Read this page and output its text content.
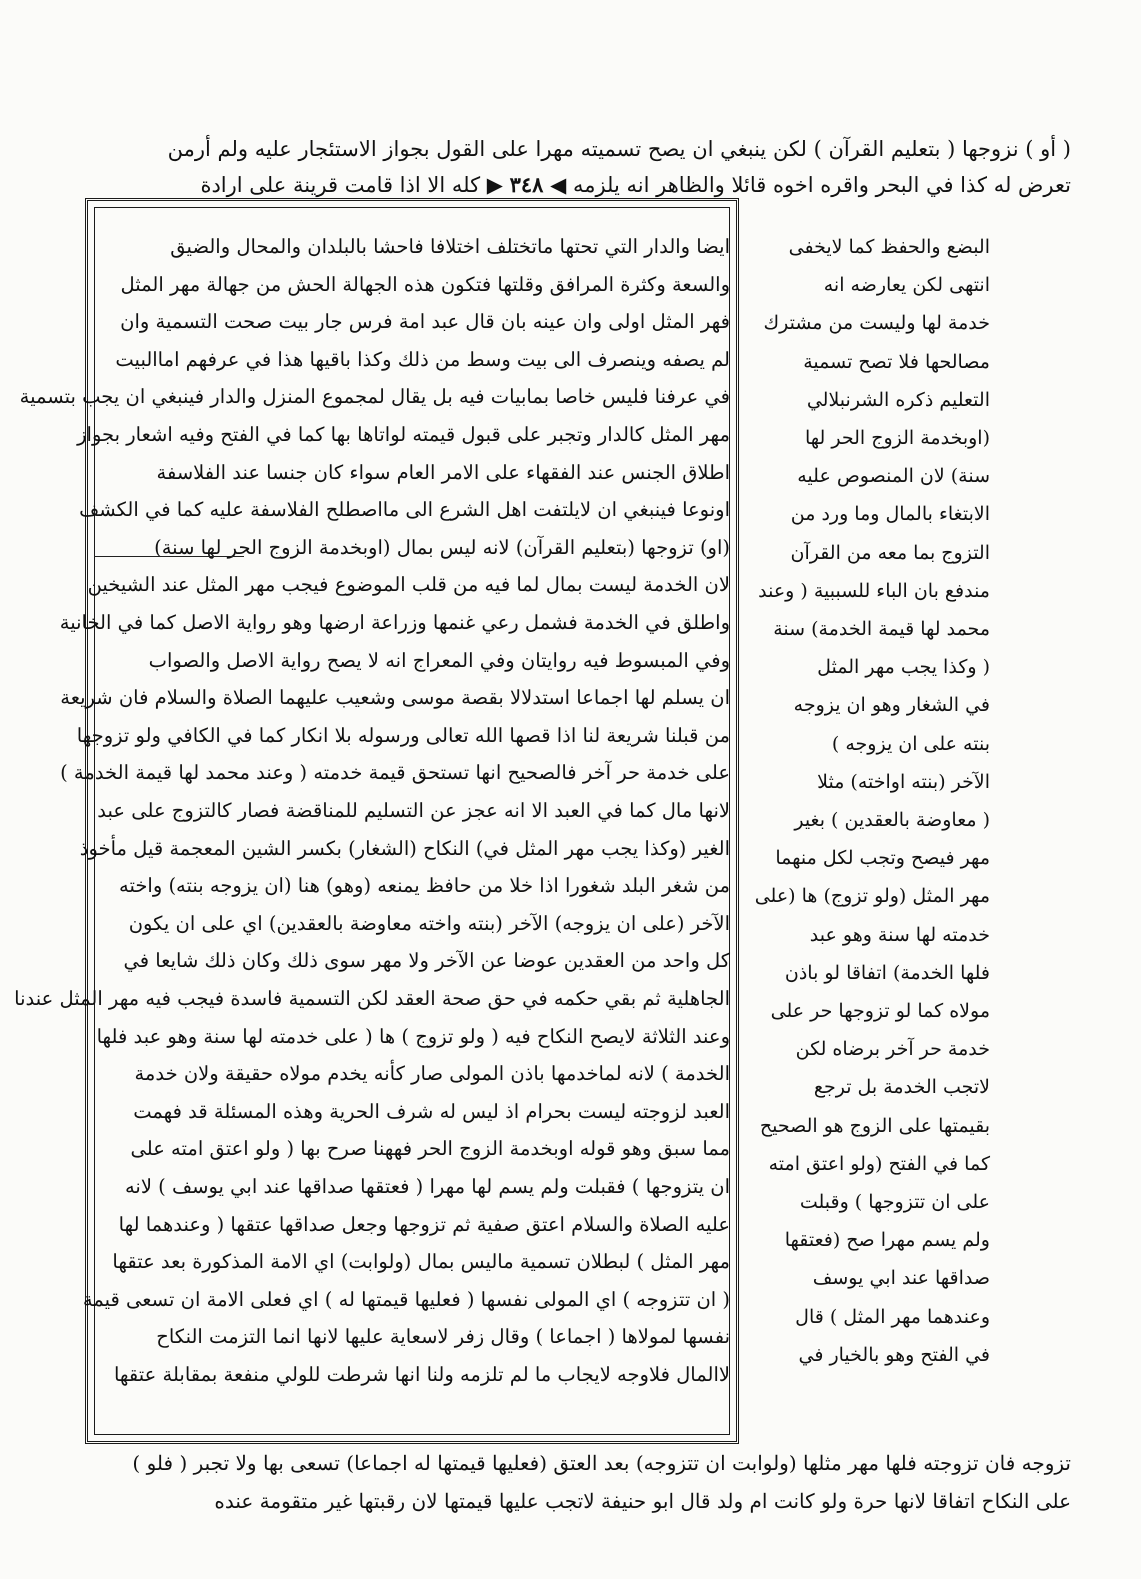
( أو ) نزوجها ( بتعليم القرآن ) لكن ينبغي ان يصح تسميته مهرا على القول بجواز الاستئجار عليه ولم أرمن
تعرض له كذا في البحر واقره اخوه قائلا والظاهر انه يلزمه ◀ ٣٤٨ ▶ كله الا اذا قامت قرينة على ارادة
ايضا والدار التي تحتها ماتختلف اختلافا فاحشا بالبلدان والمحال والضيق
والسعة وكثرة المرافق وقلتها فتكون هذه الجهالة الحش من جهالة مهر المثل
فهر المثل اولى وان عينه بان قال عبد امة فرس جار بيت صحت التسمية وان
لم يصفه وينصرف الى بيت وسط من ذلك وكذا باقيها هذا في عرفهم اماالبيت
في عرفنا فليس خاصا بمابيات فيه بل يقال لمجموع المنزل والدار فينبغي ان يجب بتسمية
مهر المثل كالدار وتجبر على قبول قيمته لواتاها بها كما في الفتح وفيه اشعار بجواز
اطلاق الجنس عند الفقهاء على الامر العام سواء كان جنسا عند الفلاسفة
اونوعا فينبغي ان لايلتفت اهل الشرع الى مااصطلح الفلاسفة عليه كما في الكشف
(او) تزوجها (بتعليم القرآن) لانه ليس بمال (اوبخدمة الزوج الحر لها سنة)
لان الخدمة ليست بمال لما فيه من قلب الموضوع فيجب مهر المثل عند الشيخين
واطلق في الخدمة فشمل رعي غنمها وزراعة ارضها وهو رواية الاصل كما في الخانية
وفي المبسوط فيه روايتان وفي المعراج انه لا يصح رواية الاصل والصواب
ان يسلم لها اجماعا استدلالا بقصة موسى وشعيب عليهما الصلاة والسلام فان شريعة
من قبلنا شريعة لنا اذا قصها الله تعالى ورسوله بلا انكار كما في الكافي ولو تزوجها
على خدمة حر آخر فالصحيح انها تستحق قيمة خدمته ( وعند محمد لها قيمة الخدمة )
لانها مال كما في العبد الا انه عجز عن التسليم للمناقضة فصار كالتزوج على عبد
الغير (وكذا يجب مهر المثل في) النكاح (الشغار) بكسر الشين المعجمة قيل مأخوذ
من شغر البلد شغورا اذا خلا من حافظ يمنعه (وهو) هنا (ان يزوجه بنته) واخته
الآخر (على ان يزوجه) الآخر (بنته واخته معاوضة بالعقدين) اي على ان يكون
كل واحد من العقدين عوضا عن الآخر ولا مهر سوى ذلك وكان ذلك شايعا في
الجاهلية ثم بقي حكمه في حق صحة العقد لكن التسمية فاسدة فيجب فيه مهر المثل عندنا
وعند الثلاثة لايصح النكاح فيه ( ولو تزوج ) ها ( على خدمته لها سنة وهو عبد فلها
الخدمة ) لانه لماخدمها باذن المولى صار كأنه يخدم مولاه حقيقة ولان خدمة
العبد لزوجته ليست بحرام اذ ليس له شرف الحرية وهذه المسئلة قد فهمت
مما سبق وهو قوله اوبخدمة الزوج الحر فههنا صرح بها ( ولو اعتق امته على
ان يتزوجها ) فقبلت ولم يسم لها مهرا ( فعتقها صداقها عند ابي يوسف ) لانه
عليه الصلاة والسلام اعتق صفية ثم تزوجها وجعل صداقها عتقها ( وعندهما لها
مهر المثل ) لبطلان تسمية ماليس بمال (ولوابت) اي الامة المذكورة بعد عتقها
( ان تتزوجه ) اي المولى نفسها ( فعليها قيمتها له ) اي فعلى الامة ان تسعى قيمة
نفسها لمولاها ( اجماعا ) وقال زفر لاسعاية عليها لانها انما التزمت النكاح
لاالمال فلاوجه لايجاب ما لم تلزمه ولنا انها شرطت للولي منفعة بمقابلة عتقها
البضع والحفظ كما لايخفى
انتهى لكن يعارضه انه
خدمة لها وليست من مشترك
مصالحها فلا تصح تسمية
التعليم ذكره الشرنبلالي
(اوبخدمة الزوج الحر لها
سنة) لان المنصوص عليه
الابتغاء بالمال وما ورد من
التزوج بما معه من القرآن
مندفع بان الباء للسببية ( وعند
محمد لها قيمة الخدمة) سنة
( وكذا يجب مهر المثل
في الشغار وهو ان يزوجه
بنته على ان يزوجه )
الآخر (بنته اواخته) مثلا
( معاوضة بالعقدين ) بغير
مهر فيصح وتجب لكل منهما
مهر المثل (ولو تزوج) ها (على
خدمته لها سنة وهو عبد
فلها الخدمة) اتفاقا لو باذن
مولاه كما لو تزوجها حر على
خدمة حر آخر برضاه لكن
لاتجب الخدمة بل ترجع
بقيمتها على الزوج هو الصحيح
كما في الفتح (ولو اعتق امته
على ان تتزوجها ) وقبلت
ولم يسم مهرا صح (فعتقها
صداقها عند ابي يوسف
وعندهما مهر المثل ) قال
في الفتح وهو بالخيار في
تزوجه فان تزوجته فلها مهر مثلها (ولوابت ان تتزوجه) بعد العتق (فعليها قيمتها له اجماعا) تسعى بها ولا تجبر ( فلو )
على النكاح اتفاقا لانها حرة ولو كانت ام ولد قال ابو حنيفة لاتجب عليها قيمتها لان رقبتها غير متقومة عنده
